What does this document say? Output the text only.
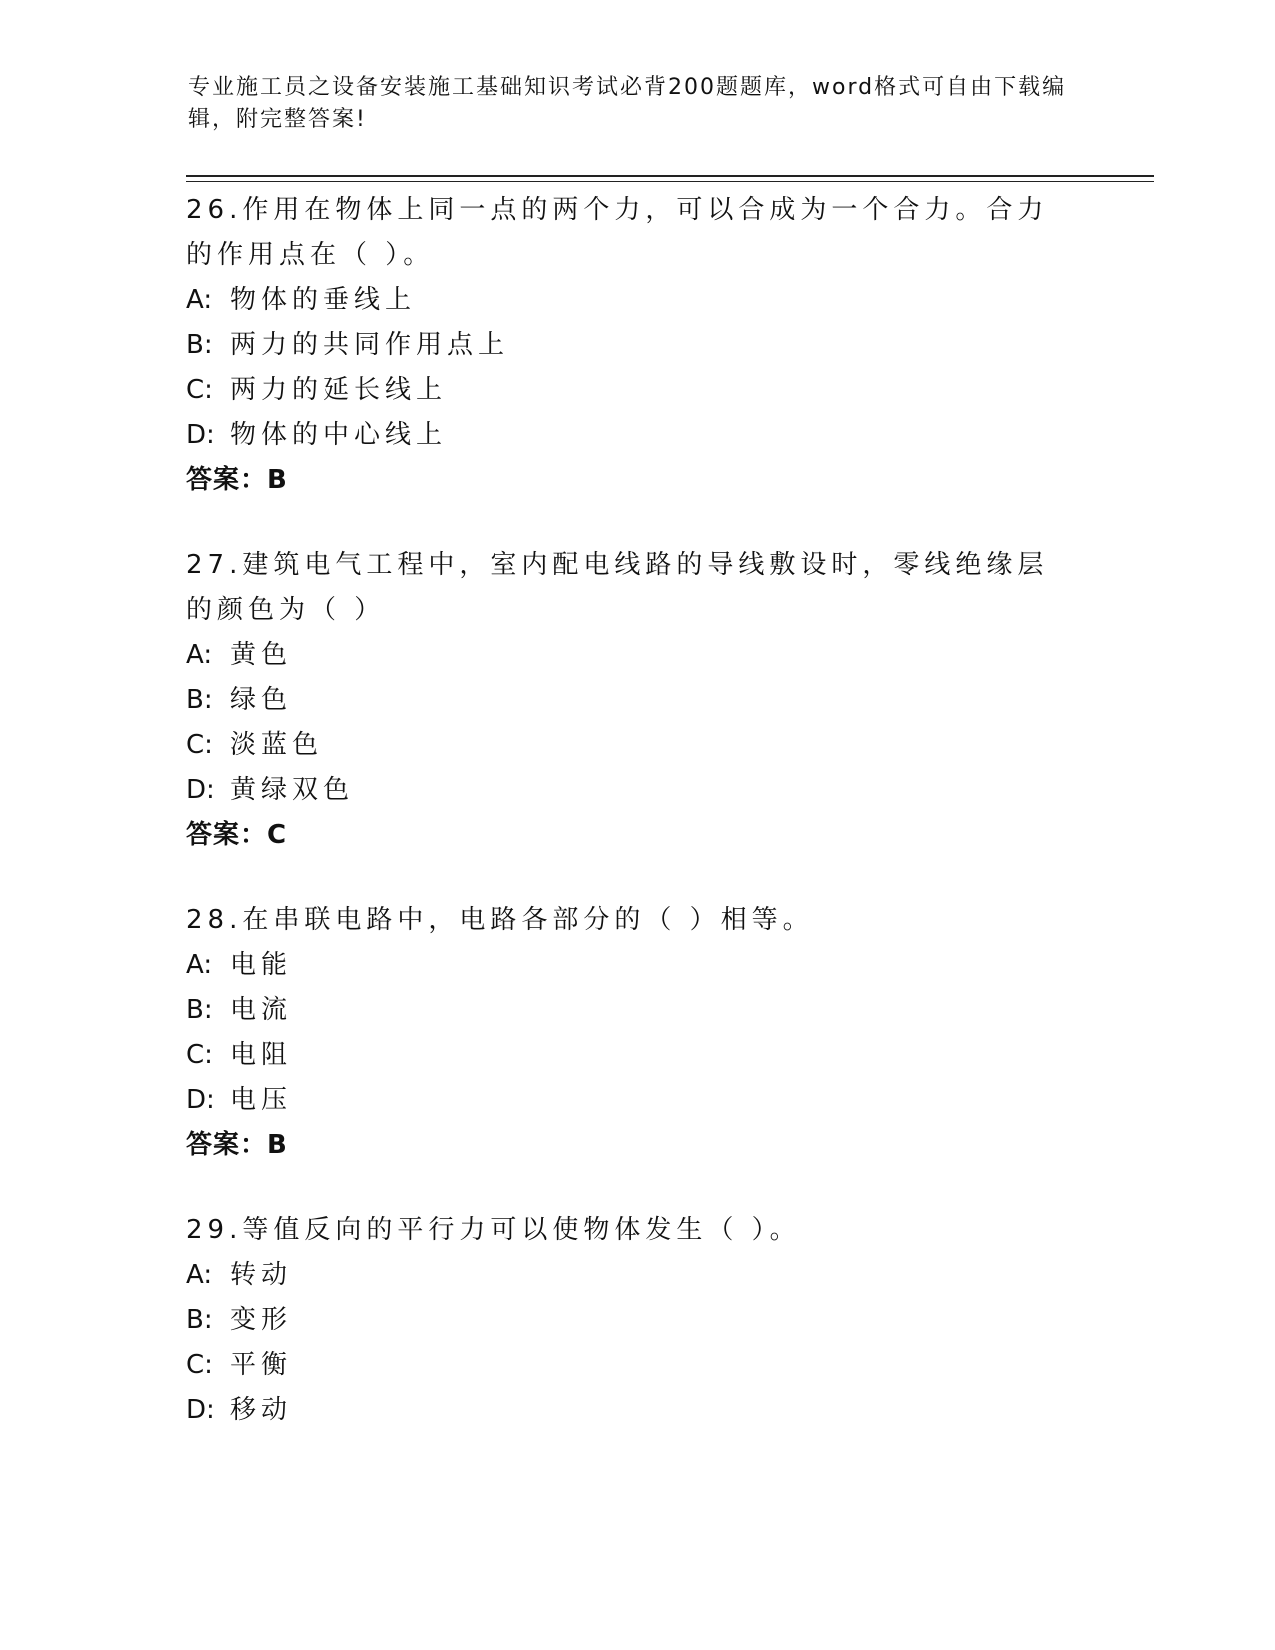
专业施工员之设备安装施工基础知识考试必背200题题库，word格式可自由下载编辑，附完整答案!
26.作用在物体上同一点的两个力，可以合成为一个合力。合力的作用点在（ ）。
A: 物体的垂线上
B: 两力的共同作用点上
C: 两力的延长线上
D: 物体的中心线上
答案：B
27.建筑电气工程中，室内配电线路的导线敷设时，零线绝缘层的颜色为（ ）
A: 黄色
B: 绿色
C: 淡蓝色
D: 黄绿双色
答案：C
28.在串联电路中，电路各部分的（ ）相等。
A: 电能
B: 电流
C: 电阻
D: 电压
答案：B
29.等值反向的平行力可以使物体发生（ ）。
A: 转动
B: 变形
C: 平衡
D: 移动
